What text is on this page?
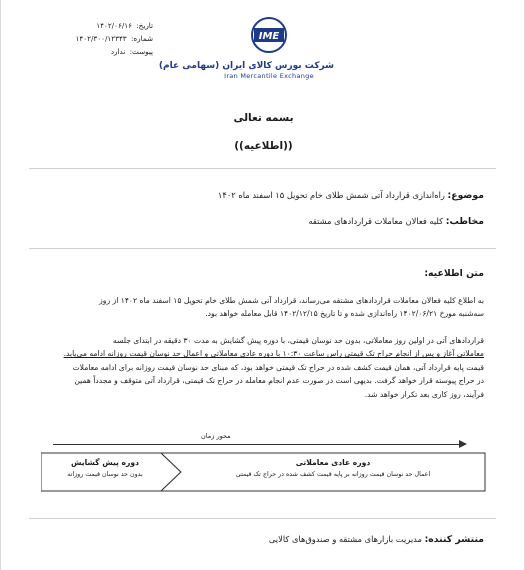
تاریخ: ۱۴۰۲/۰۶/۱۶
شماره: ۱۴۰۲/۳۰۰/۱۲۳۴۳
پیوست: ندارد
IME
شرکت بورس کالای ایران (سهامی عام)
Iran Mercantile Exchange
بسمه تعالی
((اطلاعیه))
موضوع: راه‌اندازی قرارداد آتی شمش طلای خام تحویل ۱۵ اسفند ماه ۱۴۰۲
مخاطب: کلیه فعالان معاملات قراردادهای مشتقه
متن اطلاعیه:
به اطلاع کلیه فعالان معاملات قراردادهای مشتقه می‌رساند، قرارداد آتی شمش طلای خام تحویل ۱۵ اسفند ماه ۱۴۰۲ از روز
سه‌شنبه مورخ ۱۴۰۲/۰۶/۲۱ راه‌اندازی شده و تا تاریخ ۱۴۰۲/۱۲/۱۵ قابل معامله خواهد بود.
قراردادهای آتی در اولین روز معاملاتی، بدون حد نوسان قیمتی، با دوره پیش گشایش به مدت ۳۰ دقیقه در ابتدای جلسه
معاملاتی آغاز و پس از انجام حراج تک قیمتی راس ساعت ۱۰:۳۰ با دوره عادی معاملاتی و اعمال حد نوسان قیمت روزانه ادامه می‌یابد.
قیمت پایه قرارداد آتی، همان قیمت کشف شده در حراج تک قیمتی خواهد بود، که مبنای حد نوسان قیمت روزانه برای ادامه معاملات
در حراج پیوسته قرار خواهد گرفت. بدیهی است در صورت عدم انجام معامله در حراج تک قیمتی، قرارداد آتی متوقف و مجدداً همین
فرآیند، روز کاری بعد تکرار خواهد شد.
محور زمان
دوره پیش گشایش
بدون حد نوسان قیمت روزانه
دوره عادی معاملاتی
اعمال حد نوسان قیمت روزانه بر پایه قیمت کشف شده در حراج تک قیمتی
منتشر کننده: مدیریت بازارهای مشتقه و صندوق‌های کالایی
